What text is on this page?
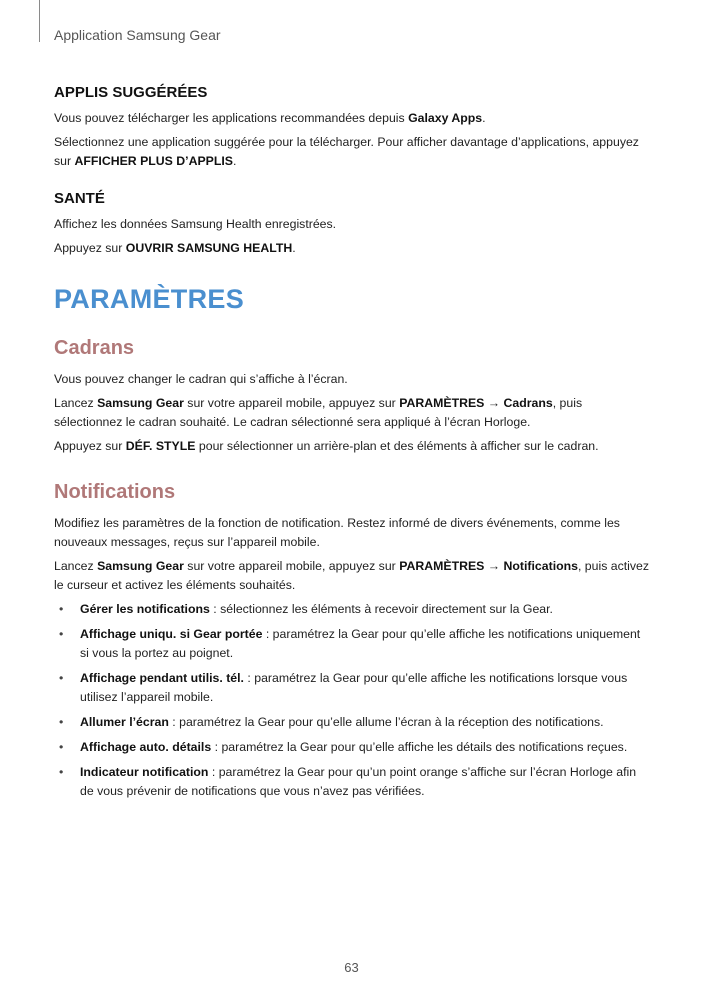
Application Samsung Gear
APPLIS SUGGÉRÉES

Vous pouvez télécharger les applications recommandées depuis Galaxy Apps.

Sélectionnez une application suggérée pour la télécharger. Pour afficher davantage d’applications, appuyez sur AFFICHER PLUS D’APPLIS.

SANTÉ

Affichez les données Samsung Health enregistrées.

Appuyez sur OUVRIR SAMSUNG HEALTH.

PARAMÈTRES
Cadrans

Vous pouvez changer le cadran qui s’affiche à l’écran.

Lancez Samsung Gear sur votre appareil mobile, appuyez sur PARAMÈTRES → Cadrans, puis sélectionnez le cadran souhaité. Le cadran sélectionné sera appliqué à l’écran Horloge.

Appuyez sur DÉF. STYLE pour sélectionner un arrière-plan et des éléments à afficher sur le cadran.

Notifications

Modifiez les paramètres de la fonction de notification. Restez informé de divers événements, comme les nouveaux messages, reçus sur l’appareil mobile.

Lancez Samsung Gear sur votre appareil mobile, appuyez sur PARAMÈTRES → Notifications, puis activez le curseur et activez les éléments souhaités.

• Gérer les notifications : sélectionnez les éléments à recevoir directement sur la Gear.
• Affichage uniqu. si Gear portée : paramétrez la Gear pour qu’elle affiche les notifications uniquement si vous la portez au poignet.
• Affichage pendant utilis. tél. : paramétrez la Gear pour qu’elle affiche les notifications lorsque vous utilisez l’appareil mobile.
• Allumer l’écran : paramétrez la Gear pour qu’elle allume l’écran à la réception des notifications.
• Affichage auto. détails : paramétrez la Gear pour qu’elle affiche les détails des notifications reçues.
• Indicateur notification : paramétrez la Gear pour qu’un point orange s’affiche sur l’écran Horloge afin de vous prévenir de notifications que vous n’avez pas vérifiées.
63
